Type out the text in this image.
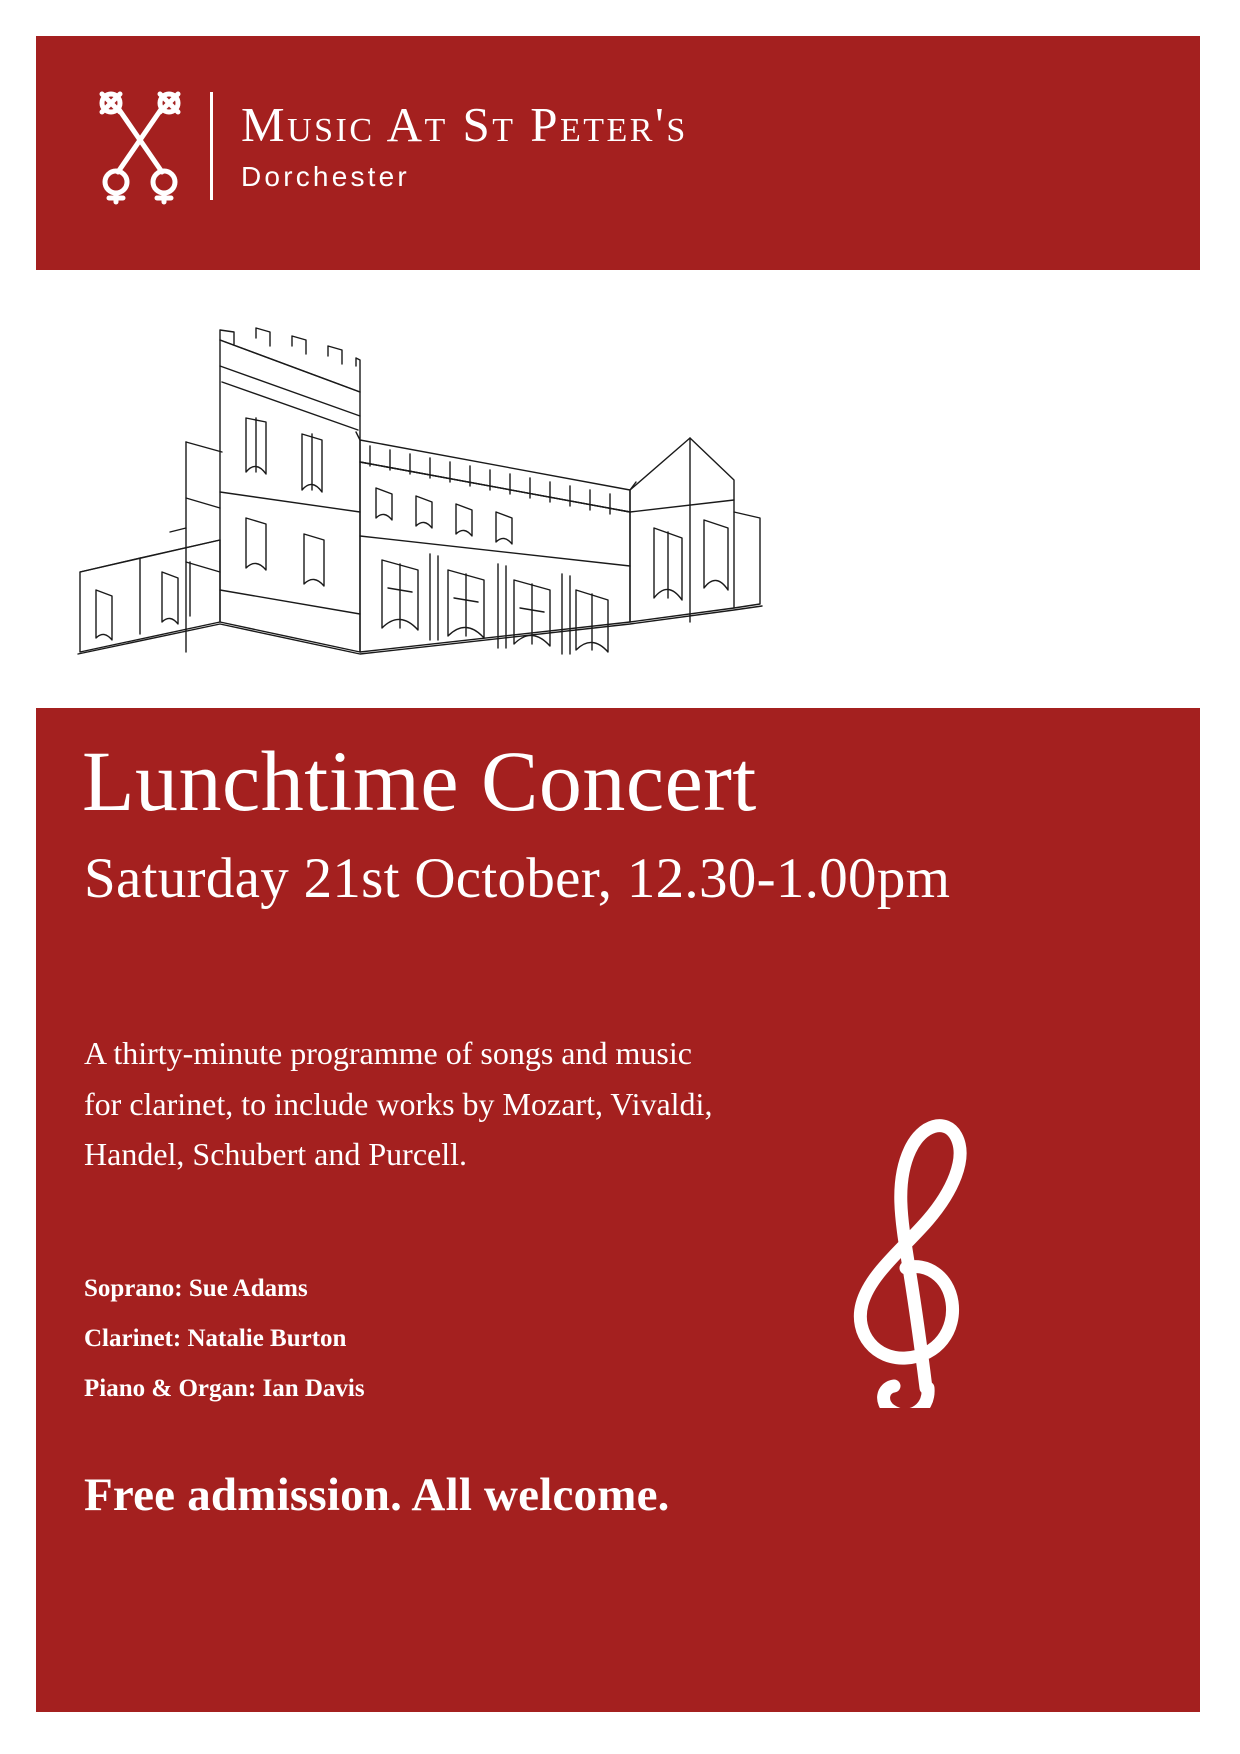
Music At St Peter's
Dorchester
Lunchtime Concert
Saturday 21st October, 12.30-1.00pm
A thirty-minute programme of songs and music
for clarinet, to include works by Mozart, Vivaldi,
Handel, Schubert and Purcell.
Soprano: Sue Adams
Clarinet: Natalie Burton
Piano & Organ: Ian Davis
Free admission. All welcome.
